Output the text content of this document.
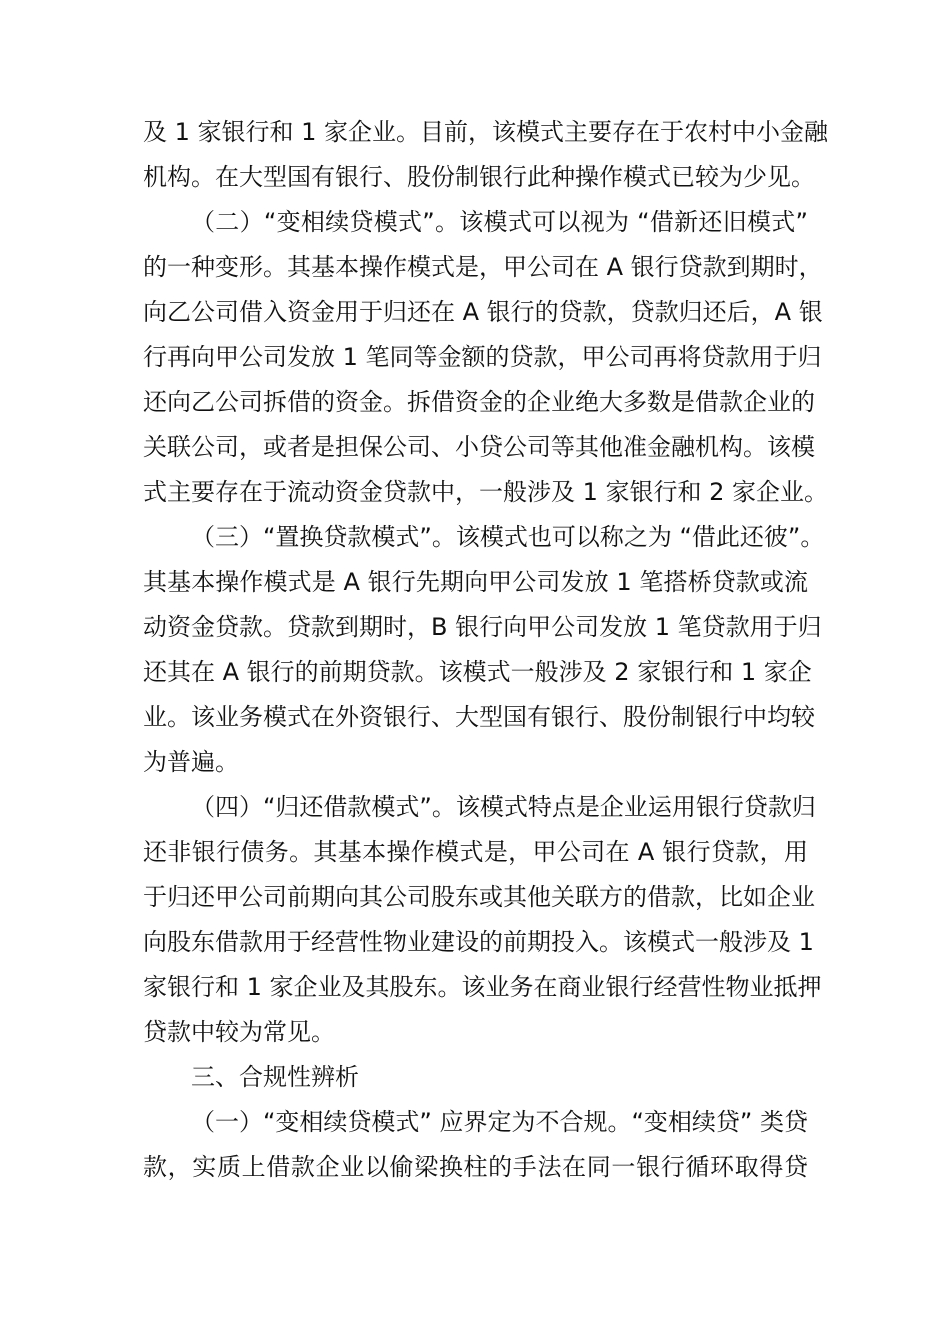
及 1 家银行和 1 家企业。目前，该模式主要存在于农村中小金融
机构。在大型国有银行、股份制银行此种操作模式已较为少见。
（二）“变相续贷模式”。该模式可以视为 “借新还旧模式”
的一种变形。其基本操作模式是，甲公司在 A 银行贷款到期时，
向乙公司借入资金用于归还在 A 银行的贷款，贷款归还后，A 银
行再向甲公司发放 1 笔同等金额的贷款，甲公司再将贷款用于归
还向乙公司拆借的资金。拆借资金的企业绝大多数是借款企业的
关联公司，或者是担保公司、小贷公司等其他准金融机构。该模
式主要存在于流动资金贷款中，一般涉及 1 家银行和 2 家企业。
（三）“置换贷款模式”。该模式也可以称之为 “借此还彼”。
其基本操作模式是 A 银行先期向甲公司发放 1 笔搭桥贷款或流
动资金贷款。贷款到期时，B 银行向甲公司发放 1 笔贷款用于归
还其在 A 银行的前期贷款。该模式一般涉及 2 家银行和 1 家企
业。该业务模式在外资银行、大型国有银行、股份制银行中均较
为普遍。
（四）“归还借款模式”。该模式特点是企业运用银行贷款归
还非银行债务。其基本操作模式是，甲公司在 A 银行贷款，用
于归还甲公司前期向其公司股东或其他关联方的借款，比如企业
向股东借款用于经营性物业建设的前期投入。该模式一般涉及 1
家银行和 1 家企业及其股东。该业务在商业银行经营性物业抵押
贷款中较为常见。
三、合规性辨析
（一）“变相续贷模式” 应界定为不合规。“变相续贷” 类贷
款，实质上借款企业以偷梁换柱的手法在同一银行循环取得贷
